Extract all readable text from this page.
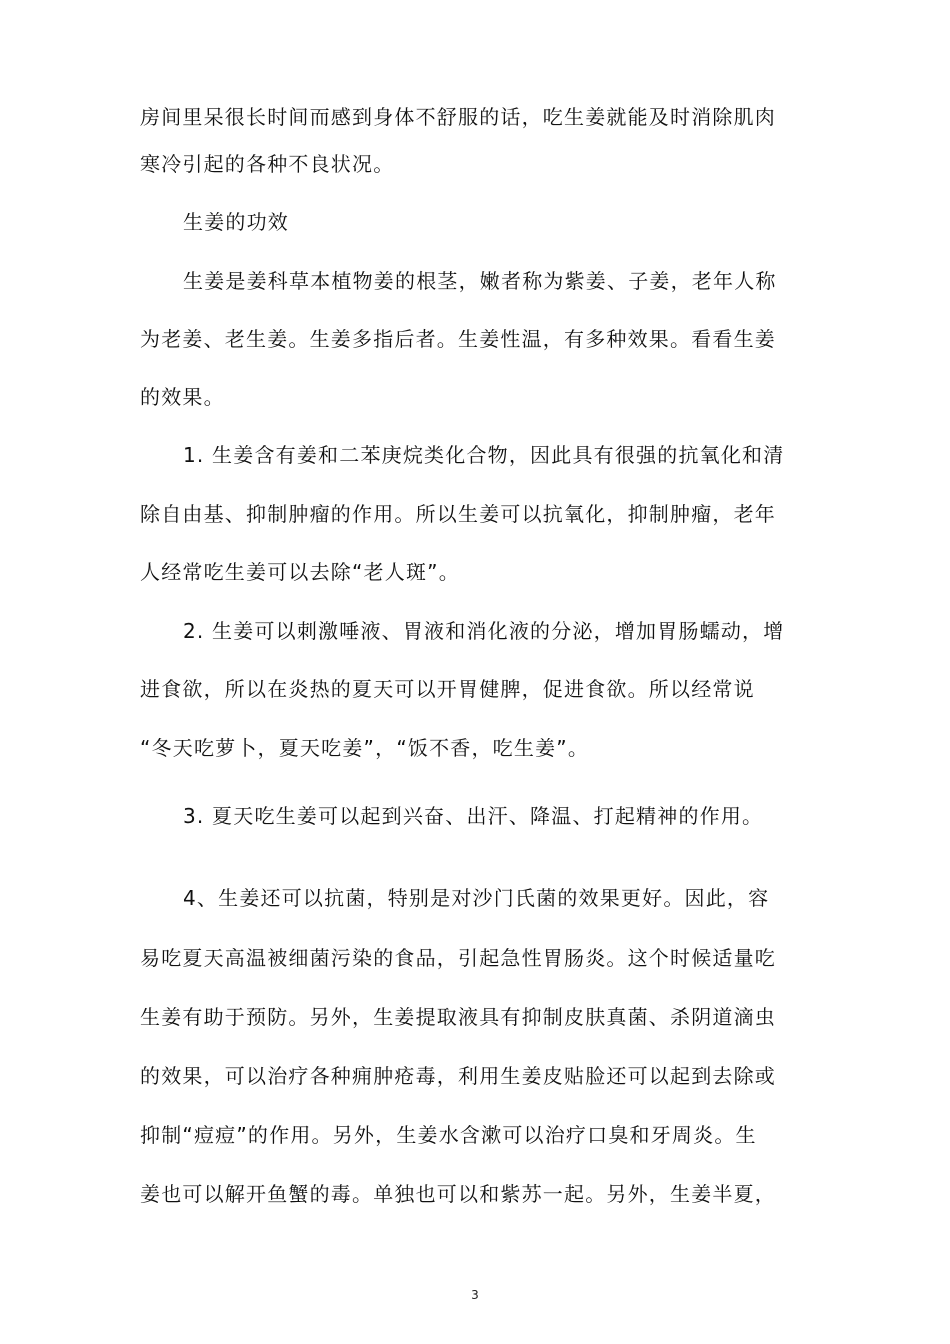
房间里呆很长时间而感到身体不舒服的话，吃生姜就能及时消除肌肉
寒冷引起的各种不良状况。
生姜的功效
生姜是姜科草本植物姜的根茎，嫩者称为紫姜、子姜，老年人称
为老姜、老生姜。生姜多指后者。生姜性温，有多种效果。看看生姜
的效果。
1. 生姜含有姜和二苯庚烷类化合物，因此具有很强的抗氧化和清
除自由基、抑制肿瘤的作用。所以生姜可以抗氧化，抑制肿瘤，老年
人经常吃生姜可以去除“老人斑”。
2. 生姜可以刺激唾液、胃液和消化液的分泌，增加胃肠蠕动，增
进食欲，所以在炎热的夏天可以开胃健脾，促进食欲。所以经常说
“冬天吃萝卜，夏天吃姜”，“饭不香，吃生姜”。
3. 夏天吃生姜可以起到兴奋、出汗、降温、打起精神的作用。
4、生姜还可以抗菌，特别是对沙门氏菌的效果更好。因此，容
易吃夏天高温被细菌污染的食品，引起急性胃肠炎。这个时候适量吃
生姜有助于预防。另外，生姜提取液具有抑制皮肤真菌、杀阴道滴虫
的效果，可以治疗各种痈肿疮毒，利用生姜皮贴脸还可以起到去除或
抑制“痘痘”的作用。另外，生姜水含漱可以治疗口臭和牙周炎。生
姜也可以解开鱼蟹的毒。单独也可以和紫苏一起。另外，生姜半夏，
3
